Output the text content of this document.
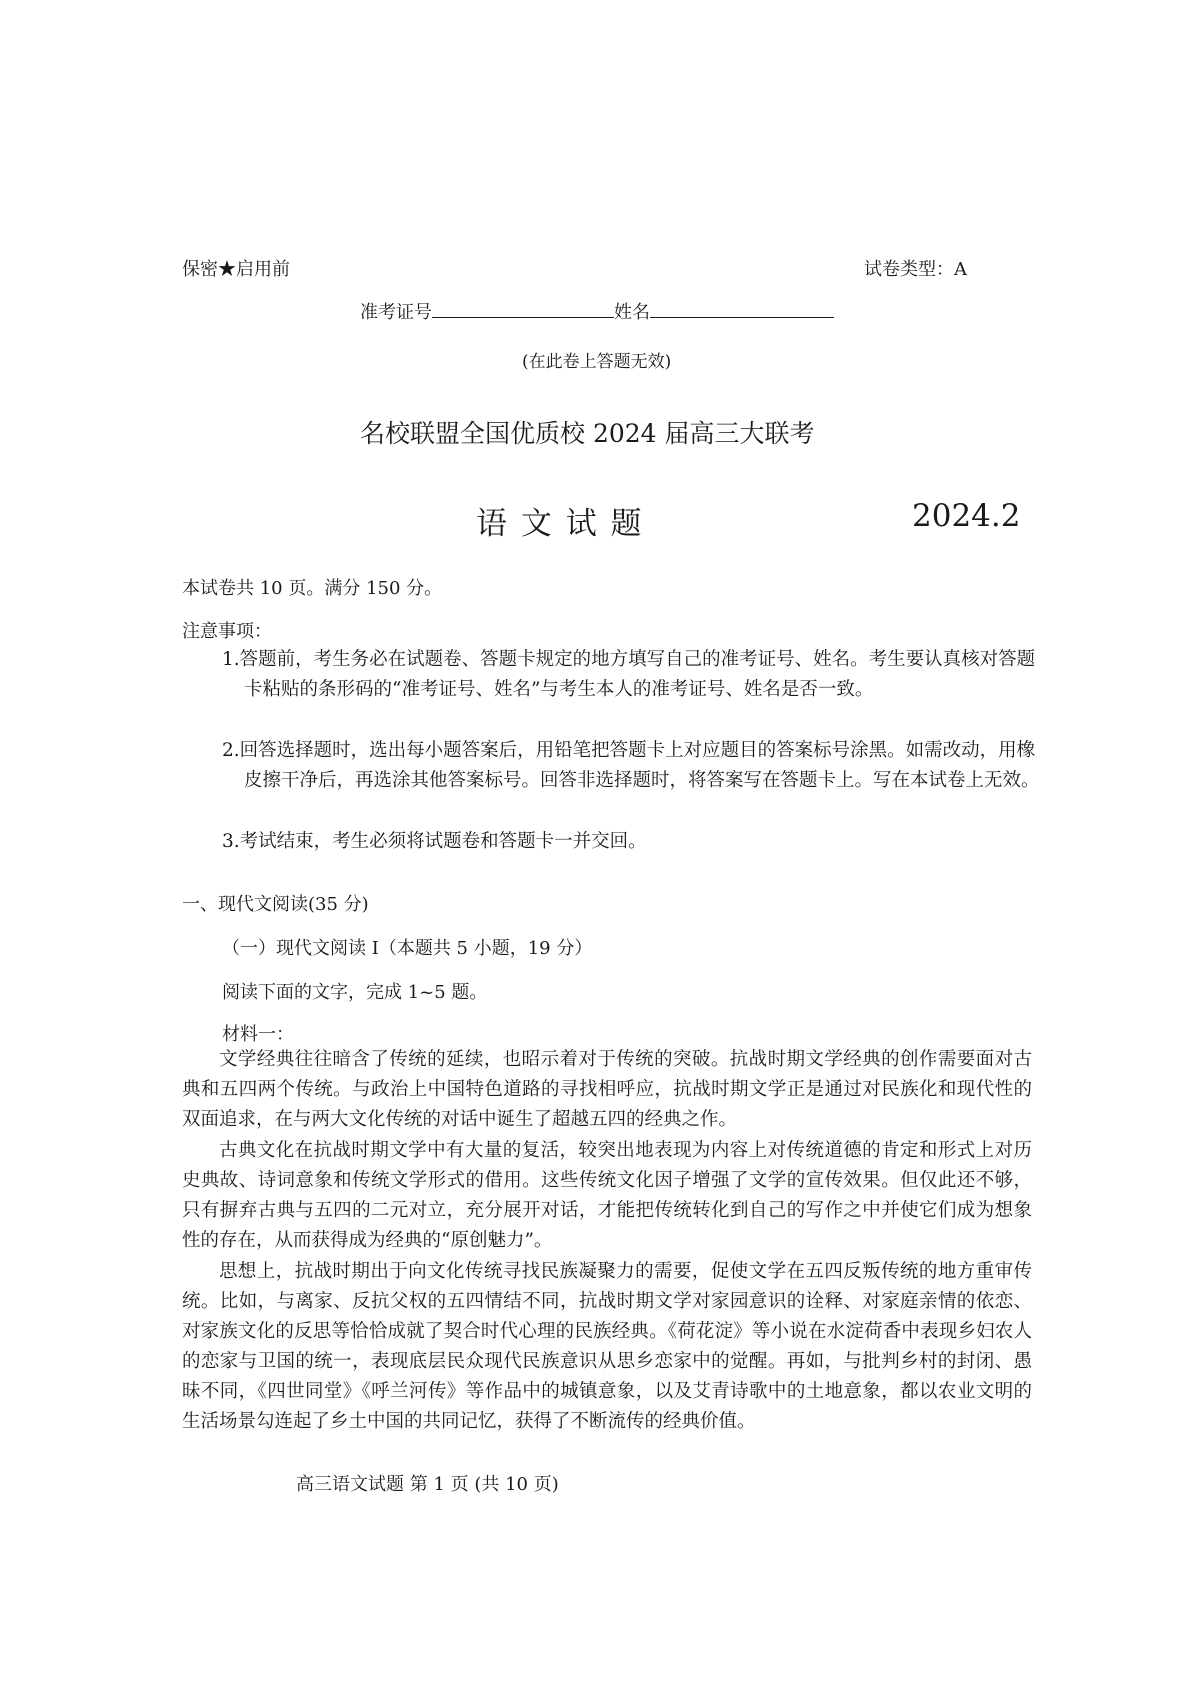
保密★启用前	试卷类型：A
准考证号	姓名
(在此卷上答题无效)
名校联盟全国优质校 2024 届高三大联考
语 文 试 题	2024.2
本试卷共 10 页。满分 150 分。
注意事项：
1.答题前，考生务必在试题卷、答题卡规定的地方填写自己的准考证号、姓名。考生要认真核对答题卡粘贴的条形码的“准考证号、姓名”与考生本人的准考证号、姓名是否一致。
2.回答选择题时，选出每小题答案后，用铅笔把答题卡上对应题目的答案标号涂黑。如需改动，用橡皮擦干净后，再选涂其他答案标号。回答非选择题时，将答案写在答题卡上。写在本试卷上无效。
3.考试结束，考生必须将试题卷和答题卡一并交回。
一、现代文阅读(35 分)
（一）现代文阅读 Ⅰ（本题共 5 小题，19 分）
阅读下面的文字，完成 1~5 题。
材料一：
文学经典往往暗含了传统的延续，也昭示着对于传统的突破。抗战时期文学经典的创作需要面对古典和五四两个传统。与政治上中国特色道路的寻找相呼应，抗战时期文学正是通过对民族化和现代性的双面追求，在与两大文化传统的对话中诞生了超越五四的经典之作。
古典文化在抗战时期文学中有大量的复活，较突出地表现为内容上对传统道德的肯定和形式上对历史典故、诗词意象和传统文学形式的借用。这些传统文化因子增强了文学的宣传效果。但仅此还不够，只有摒弃古典与五四的二元对立，充分展开对话，才能把传统转化到自己的写作之中并使它们成为想象性的存在，从而获得成为经典的“原创魅力”。
思想上，抗战时期出于向文化传统寻找民族凝聚力的需要，促使文学在五四反叛传统的地方重审传统。比如，与离家、反抗父权的五四情结不同，抗战时期文学对家园意识的诠释、对家庭亲情的依恋、对家族文化的反思等恰恰成就了契合时代心理的民族经典。《荷花淀》等小说在水淀荷香中表现乡妇农人的恋家与卫国的统一，表现底层民众现代民族意识从思乡恋家中的觉醒。再如，与批判乡村的封闭、愚昧不同，《四世同堂》《呼兰河传》等作品中的城镇意象，以及艾青诗歌中的土地意象，都以农业文明的生活场景勾连起了乡土中国的共同记忆，获得了不断流传的经典价值。
高三语文试题 第 1 页 (共 10 页)
